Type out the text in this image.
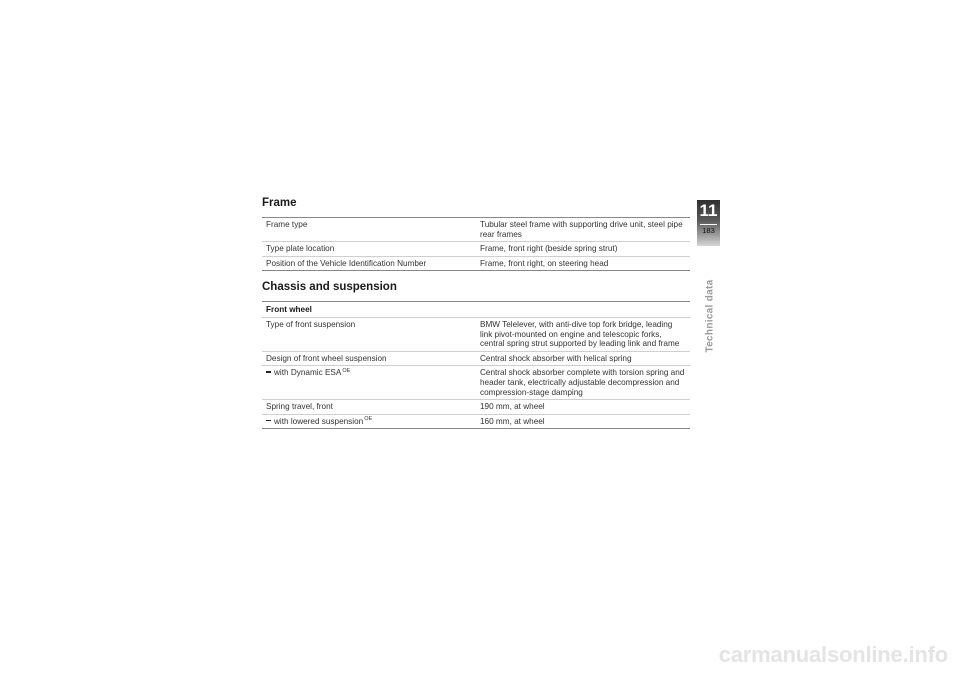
Frame
Frame type	Tubular steel frame with supporting drive unit, steel pipe rear frames
Type plate location	Frame, front right (beside spring strut)
Position of the Vehicle Identification Number	Frame, front right, on steering head
Chassis and suspension
Front wheel	
Type of front suspension	BMW Telelever, with anti-dive top fork bridge, leading link pivot-mounted on engine and telescopic forks, central spring strut supported by leading link and frame
Design of front wheel suspension	Central shock absorber with helical spring
with Dynamic $ESA^{OE}$	Central shock absorber complete with torsion spring and header tank, electrically adjustable decompression and compression-stage damping
Spring travel, front	190 mm, at wheel
with lowered suspension$^{OE}$	160 mm, at wheel
11
183
Technical data
carmanualsonline.info
